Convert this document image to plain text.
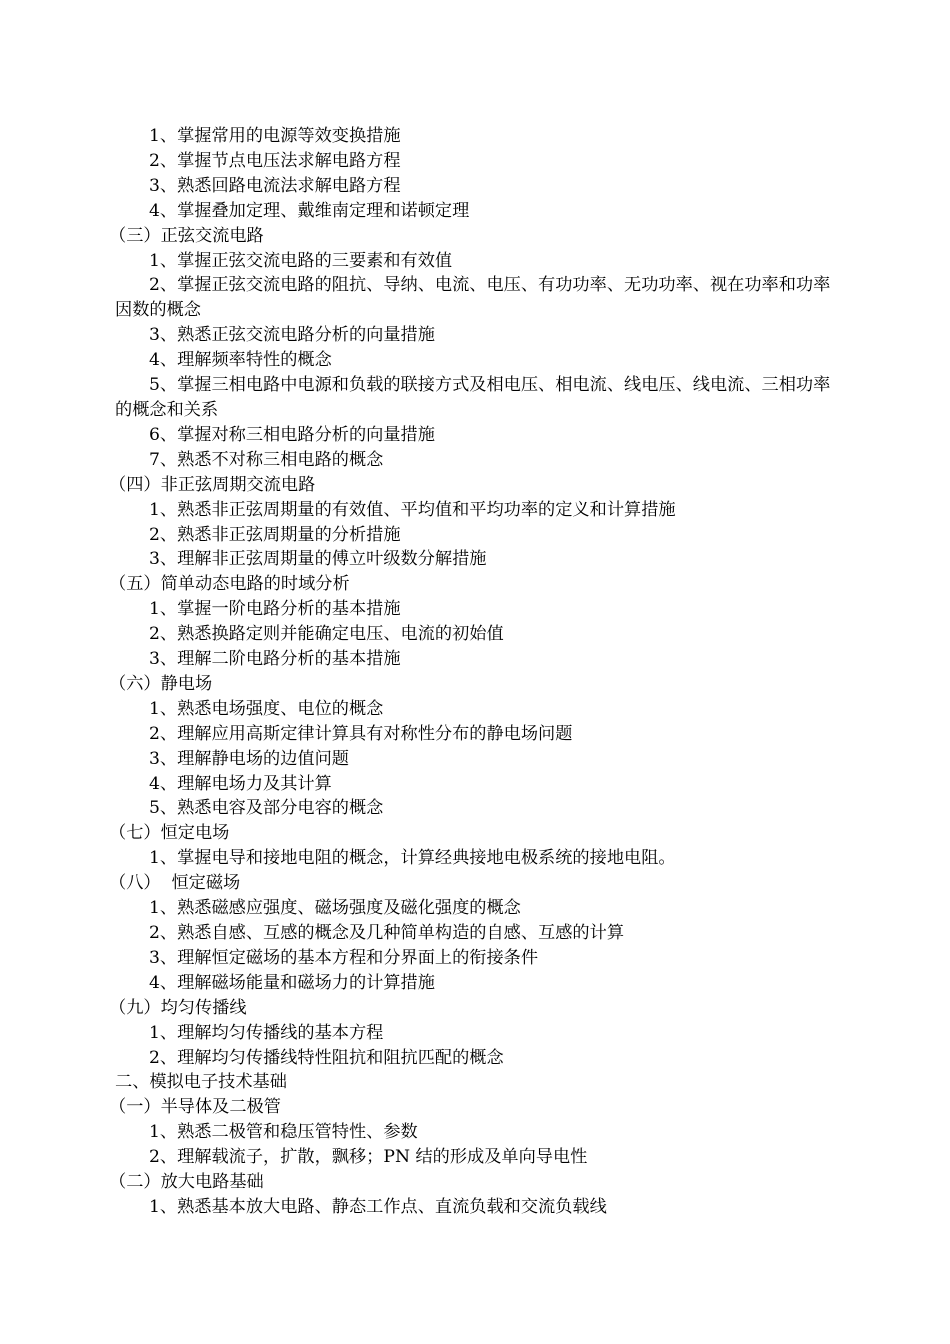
1、掌握常用的电源等效变换措施
2、掌握节点电压法求解电路方程
3、熟悉回路电流法求解电路方程
4、掌握叠加定理、戴维南定理和诺顿定理
（三）正弦交流电路
1、掌握正弦交流电路的三要素和有效值
2、掌握正弦交流电路的阻抗、导纳、电流、电压、有功功率、无功功率、视在功率和功率因数的概念
3、熟悉正弦交流电路分析的向量措施
4、理解频率特性的概念
5、掌握三相电路中电源和负载的联接方式及相电压、相电流、线电压、线电流、三相功率的概念和关系
6、掌握对称三相电路分析的向量措施
7、熟悉不对称三相电路的概念
（四）非正弦周期交流电路
1、熟悉非正弦周期量的有效值、平均值和平均功率的定义和计算措施
2、熟悉非正弦周期量的分析措施
3、理解非正弦周期量的傅立叶级数分解措施
（五）简单动态电路的时域分析
1、掌握一阶电路分析的基本措施
2、熟悉换路定则并能确定电压、电流的初始值
3、理解二阶电路分析的基本措施
（六）静电场
1、熟悉电场强度、电位的概念
2、理解应用高斯定律计算具有对称性分布的静电场问题
3、理解静电场的边值问题
4、理解电场力及其计算
5、熟悉电容及部分电容的概念
（七）恒定电场
1、掌握电导和接地电阻的概念，计算经典接地电极系统的接地电阻。
（八）  恒定磁场
1、熟悉磁感应强度、磁场强度及磁化强度的概念
2、熟悉自感、互感的概念及几种简单构造的自感、互感的计算
3、理解恒定磁场的基本方程和分界面上的衔接条件
4、理解磁场能量和磁场力的计算措施
（九）均匀传播线
1、理解均匀传播线的基本方程
2、理解均匀传播线特性阻抗和阻抗匹配的概念
二、模拟电子技术基础
（一）半导体及二极管
1、熟悉二极管和稳压管特性、参数
2、理解载流子，扩散，飘移；PN 结的形成及单向导电性
（二）放大电路基础
1、熟悉基本放大电路、静态工作点、直流负载和交流负载线
